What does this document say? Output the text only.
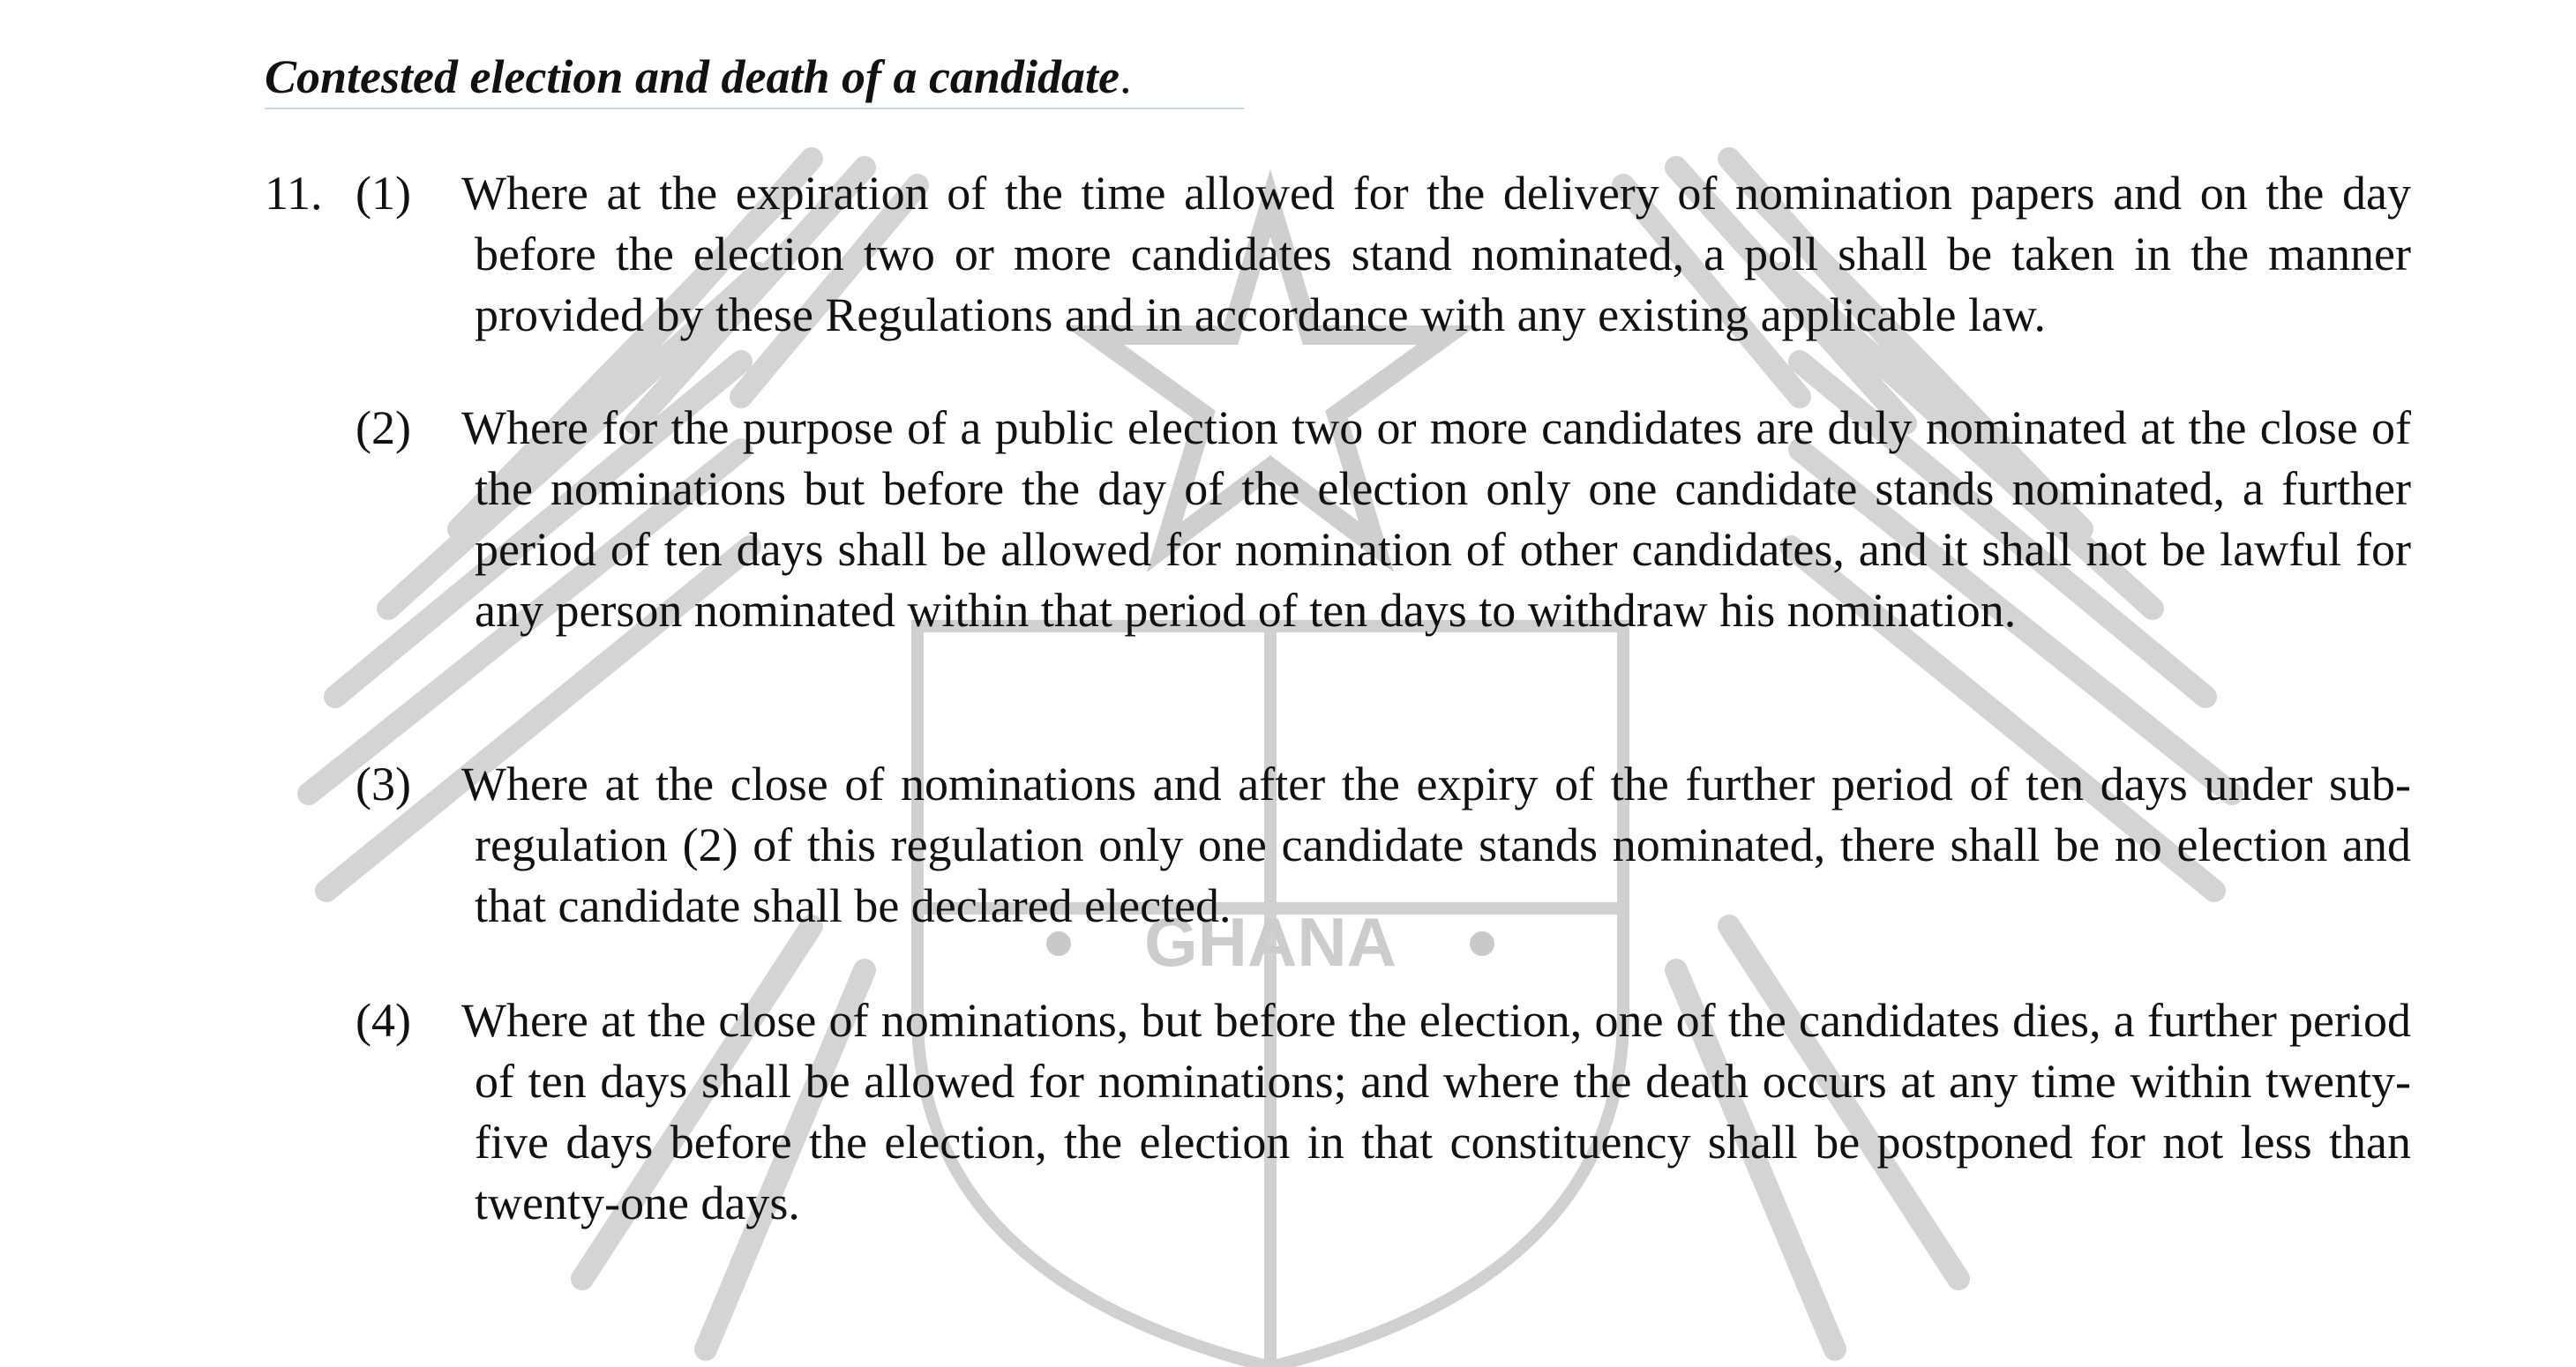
GHANA

Contested election and death of a candidate.

11. (1) Where at the expiration of the time allowed for the delivery of nomination papers and on the day before the election two or more candidates stand nominated, a poll shall be taken in the manner provided by these Regulations and in accordance with any existing applicable law.

(2) Where for the purpose of a public election two or more candidates are duly nominated at the close of the nominations but before the day of the election only one candidate stands nominated, a further period of ten days shall be allowed for nomination of other candidates, and it shall not be lawful for any person nominated within that period of ten days to withdraw his nomination.

(3) Where at the close of nominations and after the expiry of the further period of ten days under sub-regulation (2) of this regulation only one candidate stands nominated, there shall be no election and that candidate shall be declared elected.

(4) Where at the close of nominations, but before the election, one of the candidates dies, a further period of ten days shall be allowed for nominations; and where the death occurs at any time within twenty-five days before the election, the election in that constituency shall be postponed for not less than twenty-one days.
